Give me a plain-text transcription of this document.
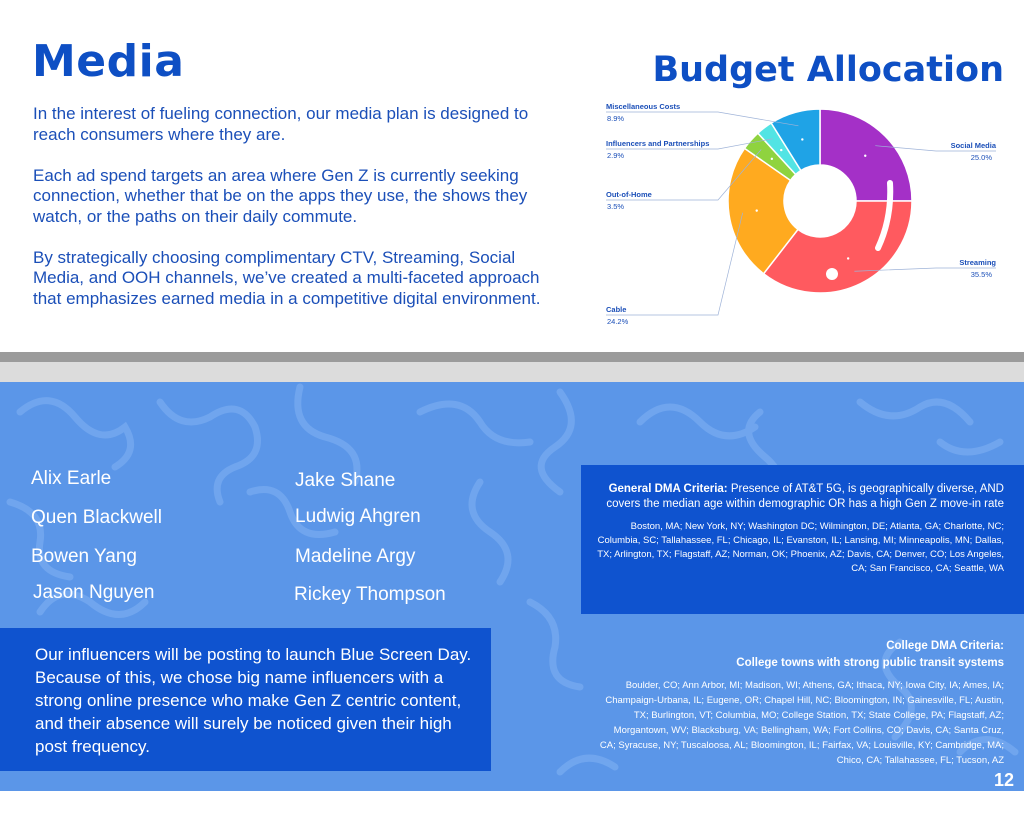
Media

In the interest of fueling connection, our media plan is designed to reach consumers where they are.

Each ad spend targets an area where Gen Z is currently seeking connection, whether that be on the apps they use, the shows they watch, or the paths on their daily commute.

By strategically choosing complimentary CTV, Streaming, Social Media, and OOH channels, we’ve created a multi-faceted approach that emphasizes earned media in a competitive digital environment.

Budget Allocation
Social Media
25.0%
Streaming
35.5%
Cable
24.2%
Out-of-Home
3.5%
Influencers and Partnerships
2.9%
Miscellaneous Costs
8.9%
Influencers	Locations
Alix Earle	Jake Shane
Quen Blackwell	Ludwig Ahgren
Bowen Yang	Madeline Argy
Jason Nguyen	Rickey Thompson
Our influencers will be posting to launch Blue Screen Day. Because of this, we chose big name influencers with a strong online presence who make Gen Z centric content, and their absence will surely be noticed given their high post frequency.
General DMA Criteria: Presence of AT&T 5G, is geographically diverse, AND covers the median age within demographic OR has a high Gen Z move-in rate
Boston, MA; New York, NY; Washington DC; Wilmington, DE; Atlanta, GA; Charlotte, NC; Columbia, SC; Tallahassee, FL; Chicago, IL; Evanston, IL; Lansing, MI; Minneapolis, MN; Dallas, TX; Arlington, TX; Flagstaff, AZ; Norman, OK; Phoenix, AZ; Davis, CA; Denver, CO; Los Angeles, CA; San Francisco, CA; Seattle, WA
College DMA Criteria:
College towns with strong public transit systems
Boulder, CO; Ann Arbor, MI; Madison, WI; Athens, GA; Ithaca, NY; Iowa City, IA; Ames, IA; Champaign-Urbana, IL; Eugene, OR; Chapel Hill, NC; Bloomington, IN; Gainesville, FL; Austin, TX; Burlington, VT; Columbia, MO; College Station, TX; State College, PA; Flagstaff, AZ; Morgantown, WV; Blacksburg, VA; Bellingham, WA; Fort Collins, CO; Davis, CA; Santa Cruz, CA; Syracuse, NY; Tuscaloosa, AL; Bloomington, IL; Fairfax, VA; Louisville, KY; Cambridge, MA; Chico, CA; Tallahassee, FL; Tucson, AZ
12
